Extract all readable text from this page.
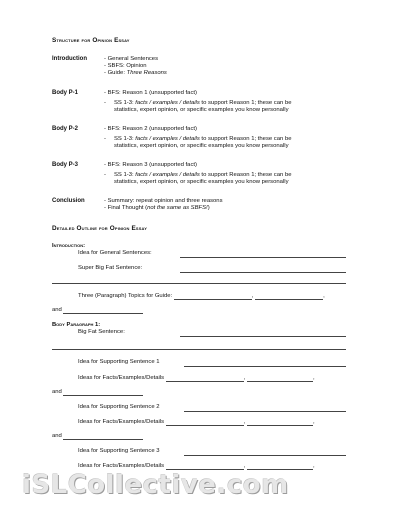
Structure for Opinion Essay
Introduction	- General Sentences
- SBFS: Opinion
- Guide: Three Reasons
Body P-1	- BFS: Reason 1 (unsupported fact)
- SS 1-3: facts / examples / details to support Reason 1; these can be
statistics, expert opinion, or specific examples you know personally
Body P-2	- BFS: Reason 2 (unsupported fact)
- SS 1-3: facts / examples / details to support Reason 1; these can be
statistics, expert opinion, or specific examples you know personally
Body P-3	- BFS: Reason 3 (unsupported fact)
- SS 1-3: facts / examples / details to support Reason 1; these can be
statistics, expert opinion, or specific examples you know personally
Conclusion	- Summary: repeat opinion and three reasons
- Final Thought (not the same as SBFS!)
Detailed Outline for Opinion Essay
Introduction:
Idea for General Sentences:
Super Big Fat Sentence:
Three (Paragraph) Topics for Guide:	,	,
and
Body Paragraph 1:
Big Fat Sentence:
Idea for Supporting Sentence 1
Ideas for Facts/Examples/Details	,	,
and
Idea for Supporting Sentence 2
Ideas for Facts/Examples/Details	,	,
and
Idea for Supporting Sentence 3
Ideas for Facts/Examples/Details	,	,
iSLCollective.com
